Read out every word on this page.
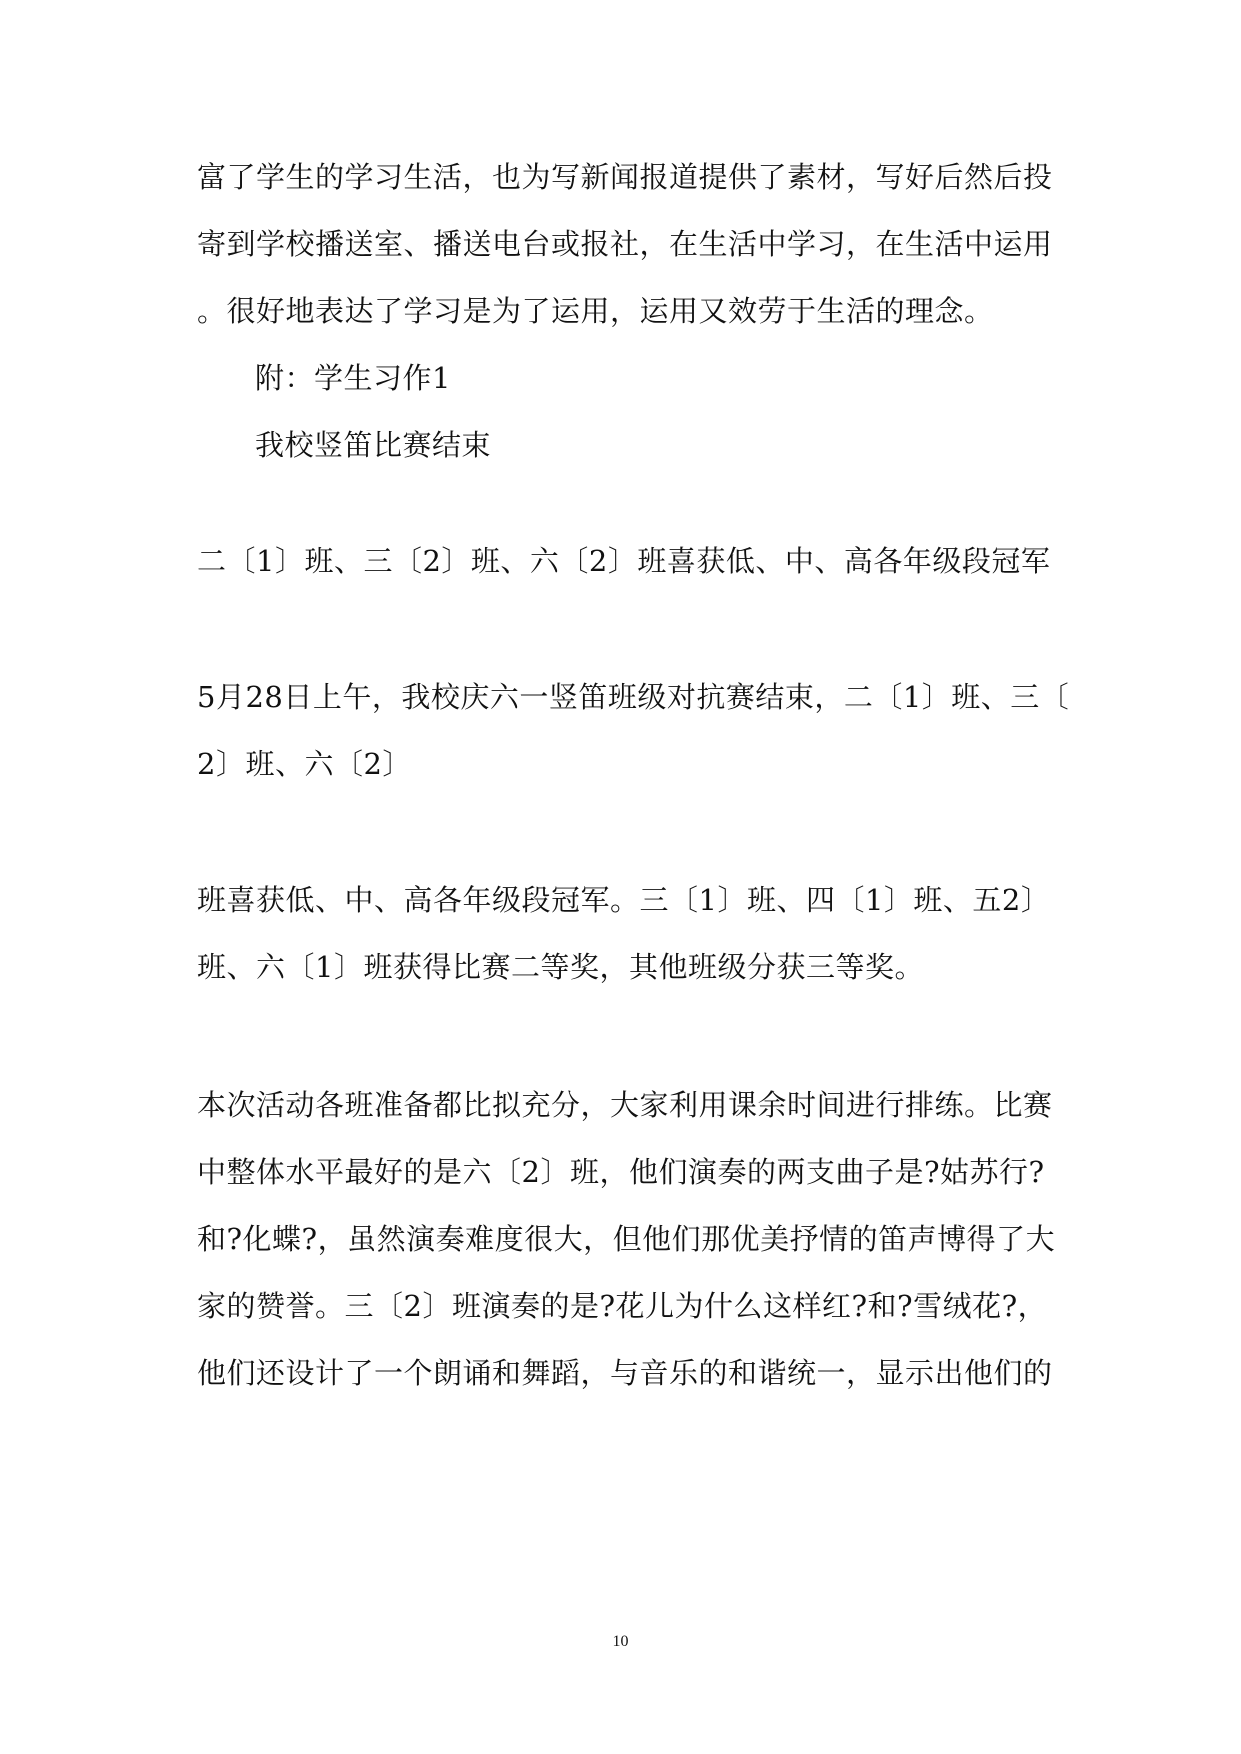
富了学生的学习生活，也为写新闻报道提供了素材，写好后然后投
寄到学校播送室、播送电台或报社，在生活中学习，在生活中运用
。很好地表达了学习是为了运用，运用又效劳于生活的理念。
附：学生习作1
我校竖笛比赛结束
二〔1〕班、三〔2〕班、六〔2〕班喜获低、中、高各年级段冠军
5月28日上午，我校庆六一竖笛班级对抗赛结束，二〔1〕班、三〔
2〕班、六〔2〕
班喜获低、中、高各年级段冠军。三〔1〕班、四〔1〕班、五2〕
班、六〔1〕班获得比赛二等奖，其他班级分获三等奖。
本次活动各班准备都比拟充分，大家利用课余时间进行排练。比赛
中整体水平最好的是六〔2〕班，他们演奏的两支曲子是?姑苏行?
和?化蝶?，虽然演奏难度很大，但他们那优美抒情的笛声博得了大
家的赞誉。三〔2〕班演奏的是?花儿为什么这样红?和?雪绒花?，
他们还设计了一个朗诵和舞蹈，与音乐的和谐统一，显示出他们的
10
